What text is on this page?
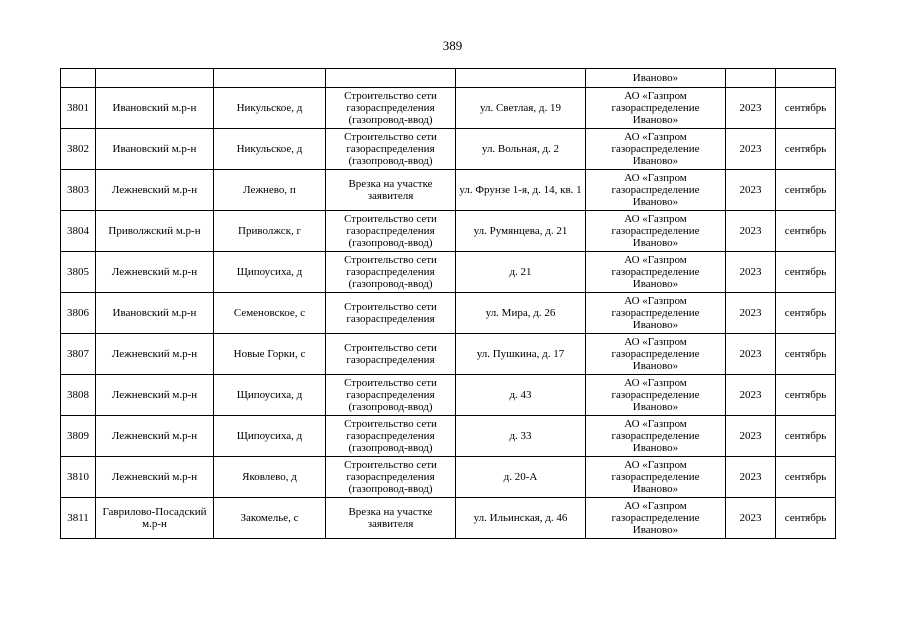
389
					Иваново»		
3801	Ивановский м.р-н	Никульское, д	Строительство сети газораспределения (газопровод-ввод)	ул. Светлая, д. 19	АО «Газпром газораспределение Иваново»	2023	сентябрь
3802	Ивановский м.р-н	Никульское, д	Строительство сети газораспределения (газопровод-ввод)	ул. Вольная, д. 2	АО «Газпром газораспределение Иваново»	2023	сентябрь
3803	Лежневский м.р-н	Лежнево, п	Врезка на участке заявителя	ул. Фрунзе 1-я, д. 14, кв. 1	АО «Газпром газораспределение Иваново»	2023	сентябрь
3804	Приволжский м.р-н	Приволжск, г	Строительство сети газораспределения (газопровод-ввод)	ул. Румянцева, д. 21	АО «Газпром газораспределение Иваново»	2023	сентябрь
3805	Лежневский м.р-н	Щипоусиха, д	Строительство сети газораспределения (газопровод-ввод)	д. 21	АО «Газпром газораспределение Иваново»	2023	сентябрь
3806	Ивановский м.р-н	Семеновское, с	Строительство сети газораспределения	ул. Мира, д. 26	АО «Газпром газораспределение Иваново»	2023	сентябрь
3807	Лежневский м.р-н	Новые Горки, с	Строительство сети газораспределения	ул. Пушкина, д. 17	АО «Газпром газораспределение Иваново»	2023	сентябрь
3808	Лежневский м.р-н	Щипоусиха, д	Строительство сети газораспределения (газопровод-ввод)	д. 43	АО «Газпром газораспределение Иваново»	2023	сентябрь
3809	Лежневский м.р-н	Щипоусиха, д	Строительство сети газораспределения (газопровод-ввод)	д. 33	АО «Газпром газораспределение Иваново»	2023	сентябрь
3810	Лежневский м.р-н	Яковлево, д	Строительство сети газораспределения (газопровод-ввод)	д. 20-А	АО «Газпром газораспределение Иваново»	2023	сентябрь
3811	Гаврилово-Посадский м.р-н	Закомелье, с	Врезка на участке заявителя	ул. Ильинская, д. 46	АО «Газпром газораспределение Иваново»	2023	сентябрь
